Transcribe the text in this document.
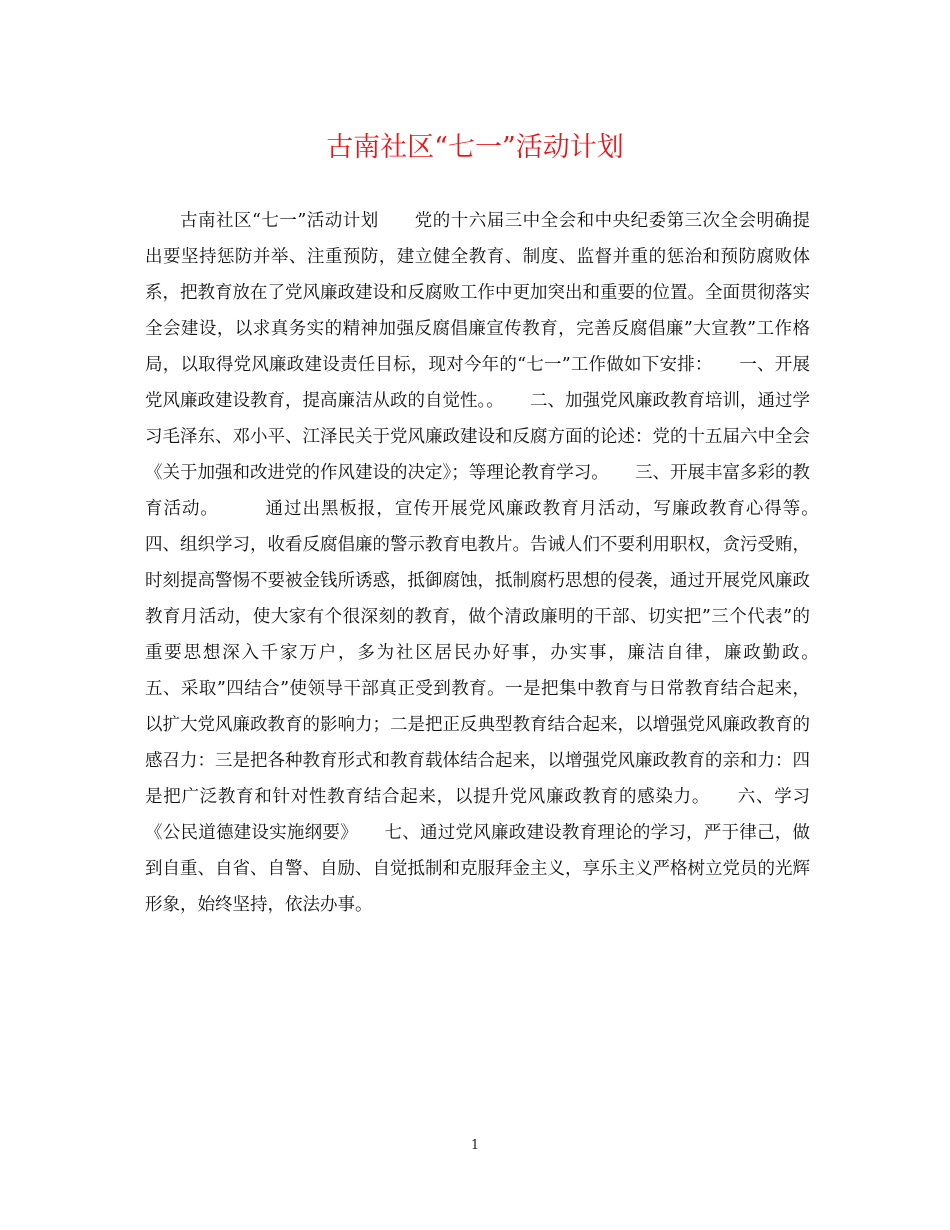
古南社区“七一”活动计划

古南社区“七一”活动计划　　党的十六届三中全会和中央纪委第三次全会明确提出要坚持惩防并举、注重预防，建立健全教育、制度、监督并重的惩治和预防腐败体系，把教育放在了党风廉政建设和反腐败工作中更加突出和重要的位置。全面贯彻落实全会建设，以求真务实的精神加强反腐倡廉宣传教育，完善反腐倡廉”大宣教”工作格局，以取得党风廉政建设责任目标，现对今年的“七一”工作做如下安排：　　一、开展党风廉政建设教育，提高廉洁从政的自觉性。。　　二、加强党风廉政教育培训，通过学习毛泽东、邓小平、江泽民关于党风廉政建设和反腐方面的论述：党的十五届六中全会《关于加强和改进党的作风建设的决定》；等理论教育学习。　　三、开展丰富多彩的教育活动。　　　通过出黑板报，宣传开展党风廉政教育月活动，写廉政教育心得等。　　四、组织学习，收看反腐倡廉的警示教育电教片。告诫人们不要利用职权，贪污受贿，时刻提高警惕不要被金钱所诱惑，抵御腐蚀，抵制腐朽思想的侵袭，通过开展党风廉政教育月活动，使大家有个很深刻的教育，做个清政廉明的干部、切实把”三个代表”的重要思想深入千家万户，多为社区居民办好事，办实事，廉洁自律，廉政勤政。　　五、采取”四结合”使领导干部真正受到教育。一是把集中教育与日常教育结合起来，以扩大党风廉政教育的影响力；二是把正反典型教育结合起来，以增强党风廉政教育的感召力：三是把各种教育形式和教育载体结合起来，以增强党风廉政教育的亲和力：四是把广泛教育和针对性教育结合起来，以提升党风廉政教育的感染力。　　六、学习《公民道德建设实施纲要》　　七、通过党风廉政建设教育理论的学习，严于律己，做到自重、自省、自警、自励、自觉抵制和克服拜金主义，享乐主义严格树立党员的光辉形象，始终坚持，依法办事。

1
